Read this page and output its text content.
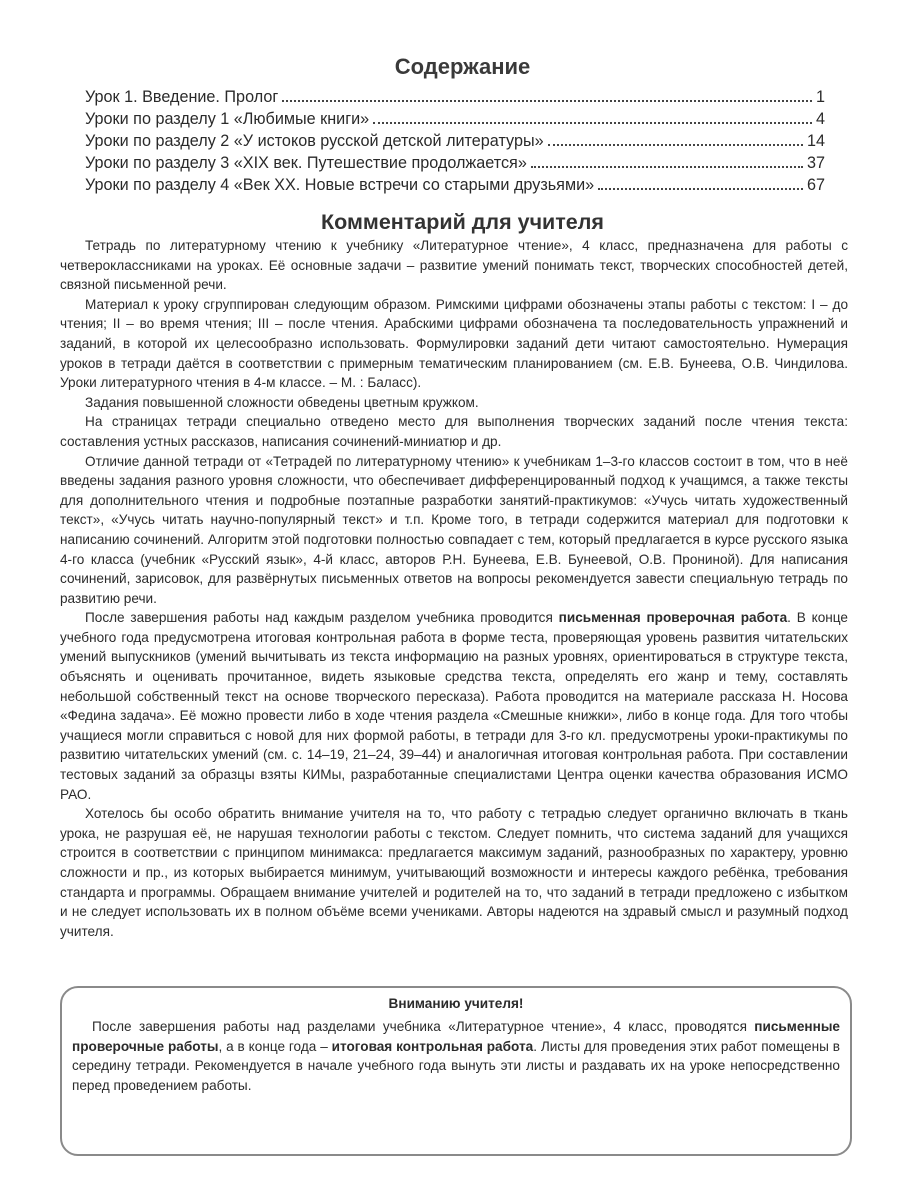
Содержание
Урок 1. Введение. Пролог	1
Уроки по разделу 1 «Любимые книги»	4
Уроки по разделу 2 «У истоков русской детской литературы»	14
Уроки по разделу 3 «XIX век. Путешествие продолжается»	37
Уроки по разделу 4 «Век XX. Новые встречи со старыми друзьями»	67
Комментарий для учителя

Тетрадь по литературному чтению к учебнику «Литературное чтение», 4 класс, предназначена для работы с четвероклассниками на уроках. Её основные задачи – развитие умений понимать текст, творческих способностей детей, связной письменной речи.

Материал к уроку сгруппирован следующим образом. Римскими цифрами обозначены этапы работы с текстом: I – до чтения; II – во время чтения; III – после чтения. Арабскими цифрами обозначена та последовательность упражнений и заданий, в которой их целесообразно использовать. Формулировки заданий дети читают самостоятельно. Нумерация уроков в тетради даётся в соответствии с примерным тематическим планированием (см. Е.В. Бунеева, О.В. Чиндилова. Уроки литературного чтения в 4-м классе. – М. : Баласс).

Задания повышенной сложности обведены цветным кружком.

На страницах тетради специально отведено место для выполнения творческих заданий после чтения текста: составления устных рассказов, написания сочинений-миниатюр и др.

Отличие данной тетради от «Тетрадей по литературному чтению» к учебникам 1–3-го классов состоит в том, что в неё введены задания разного уровня сложности, что обеспечивает дифференцированный подход к учащимся, а также тексты для дополнительного чтения и подробные поэтапные разработки занятий-практикумов: «Учусь читать художественный текст», «Учусь читать научно-популярный текст» и т.п. Кроме того, в тетради содержится материал для подготовки к написанию сочинений. Алгоритм этой подготовки полностью совпадает с тем, который предлагается в курсе русского языка 4-го класса (учебник «Русский язык», 4-й класс, авторов Р.Н. Бунеева, Е.В. Бунеевой, О.В. Прониной). Для написания сочинений, зарисовок, для развёрнутых письменных ответов на вопросы рекомендуется завести специальную тетрадь по развитию речи.

После завершения работы над каждым разделом учебника проводится письменная проверочная работа. В конце учебного года предусмотрена итоговая контрольная работа в форме теста, проверяющая уровень развития читательских умений выпускников (умений вычитывать из текста информацию на разных уровнях, ориентироваться в структуре текста, объяснять и оценивать прочитанное, видеть языковые средства текста, определять его жанр и тему, составлять небольшой собственный текст на основе творческого пересказа). Работа проводится на материале рассказа Н. Носова «Федина задача». Её можно провести либо в ходе чтения раздела «Смешные книжки», либо в конце года. Для того чтобы учащиеся могли справиться с новой для них формой работы, в тетради для 3-го кл. предусмотрены уроки-практикумы по развитию читательских умений (см. с. 14–19, 21–24, 39–44) и аналогичная итоговая контрольная работа. При составлении тестовых заданий за образцы взяты КИМы, разработанные специалистами Центра оценки качества образования ИСМО РАО.

Хотелось бы особо обратить внимание учителя на то, что работу с тетрадью следует органично включать в ткань урока, не разрушая её, не нарушая технологии работы с текстом. Следует помнить, что система заданий для учащихся строится в соответствии с принципом минимакса: предлагается максимум заданий, разнообразных по характеру, уровню сложности и пр., из которых выбирается минимум, учитывающий возможности и интересы каждого ребёнка, требования стандарта и программы. Обращаем внимание учителей и родителей на то, что заданий в тетради предложено с избытком и не следует использовать их в полном объёме всеми учениками. Авторы надеются на здравый смысл и разумный подход учителя.

Вниманию учителя!

После завершения работы над разделами учебника «Литературное чтение», 4 класс, проводятся письменные проверочные работы, а в конце года – итоговая контрольная работа. Листы для проведения этих работ помещены в середину тетради. Рекомендуется в начале учебного года вынуть эти листы и раздавать их на уроке непосредственно перед проведением работы.
